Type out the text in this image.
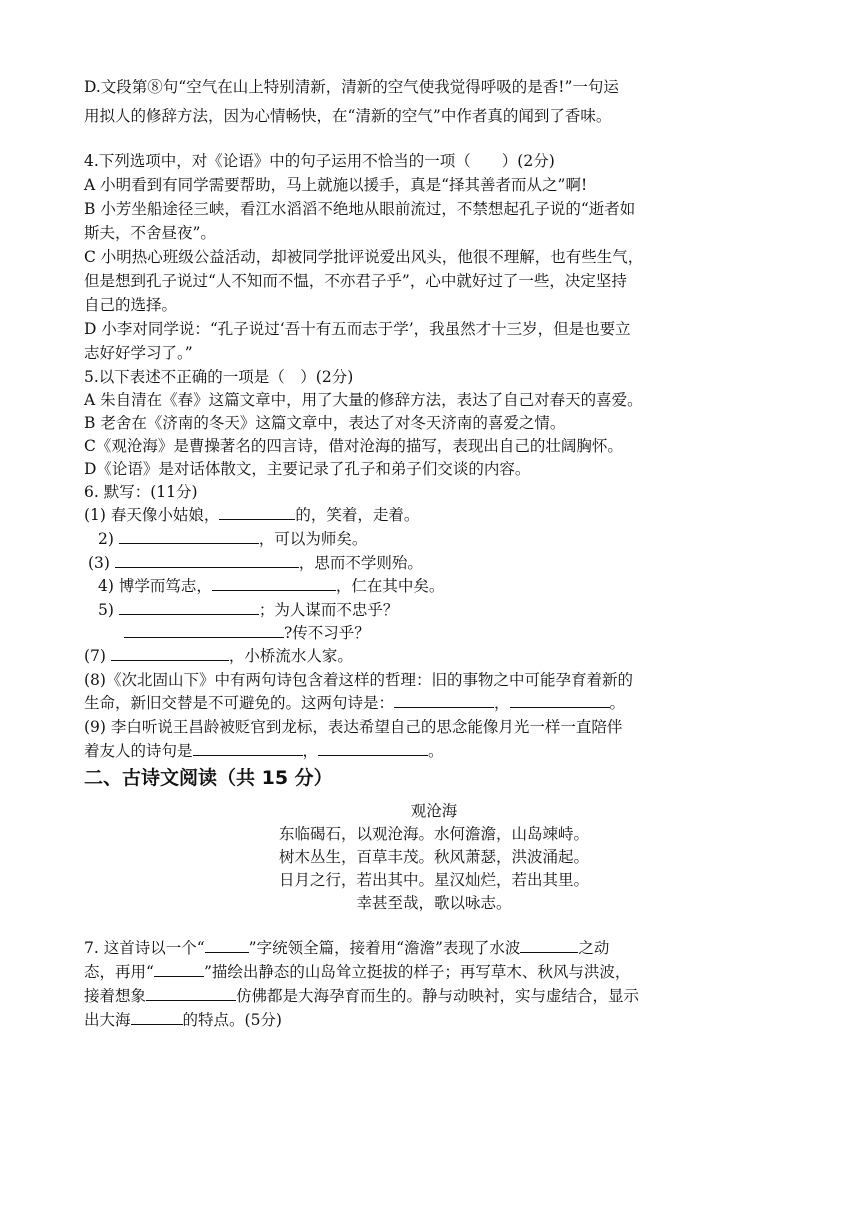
D.文段第⑧句“空气在山上特别清新，清新的空气使我觉得呼吸的是香!”一句运
用拟人的修辞方法，因为心情畅快，在“清新的空气”中作者真的闻到了香味。
4.下列选项中，对《论语》中的句子运用不恰当的一项（　　）(2分)
A 小明看到有同学需要帮助，马上就施以援手，真是“择其善者而从之”啊!
B 小芳坐船途径三峡，看江水滔滔不绝地从眼前流过，不禁想起孔子说的“逝者如
斯夫，不舍昼夜”。
C 小明热心班级公益活动，却被同学批评说爱出风头，他很不理解，也有些生气，
但是想到孔子说过“人不知而不愠，不亦君子乎”，心中就好过了一些，决定坚持
自己的选择。
D 小李对同学说：“孔子说过‘吾十有五而志于学’，我虽然才十三岁，但是也要立
志好好学习了。”
5.以下表述不正确的一项是（　）(2分)
A 朱自清在《春》这篇文章中，用了大量的修辞方法，表达了自己对春天的喜爱。
B 老舍在《济南的冬天》这篇文章中，表达了对冬天济南的喜爱之情。
C《观沧海》是曹操著名的四言诗，借对沧海的描写，表现出自己的壮阔胸怀。
D《论语》是对话体散文，主要记录了孔子和弟子们交谈的内容。
6. 默写：(11分)
(1) 春天像小姑娘，	的，笑着，走着。
2)	，可以为师矣。
(3)	，思而不学则殆。
4) 博学而笃志，	，仁在其中矣。
5)	；为人谋而不忠乎？
?传不习乎？
(7)	，小桥流水人家。
(8)《次北固山下》中有两句诗包含着这样的哲理：旧的事物之中可能孕育着新的
生命，新旧交替是不可避免的。这两句诗是：	，	。
(9) 李白听说王昌龄被贬官到龙标，表达希望自己的思念能像月光一样一直陪伴
着友人的诗句是	，	。
二、古诗文阅读（共 15 分）
观沧海
东临碣石，以观沧海。水何澹澹，山岛竦峙。
树木丛生，百草丰茂。秋风萧瑟，洪波涌起。
日月之行，若出其中。星汉灿烂，若出其里。
幸甚至哉，歌以咏志。
7. 这首诗以一个“	”字统领全篇，接着用“澹澹”表现了水波	之动
态，再用“	”描绘出静态的山岛耸立挺拔的样子；再写草木、秋风与洪波，
接着想象	仿佛都是大海孕育而生的。静与动映衬，实与虚结合，显示
出大海	的特点。(5分)
